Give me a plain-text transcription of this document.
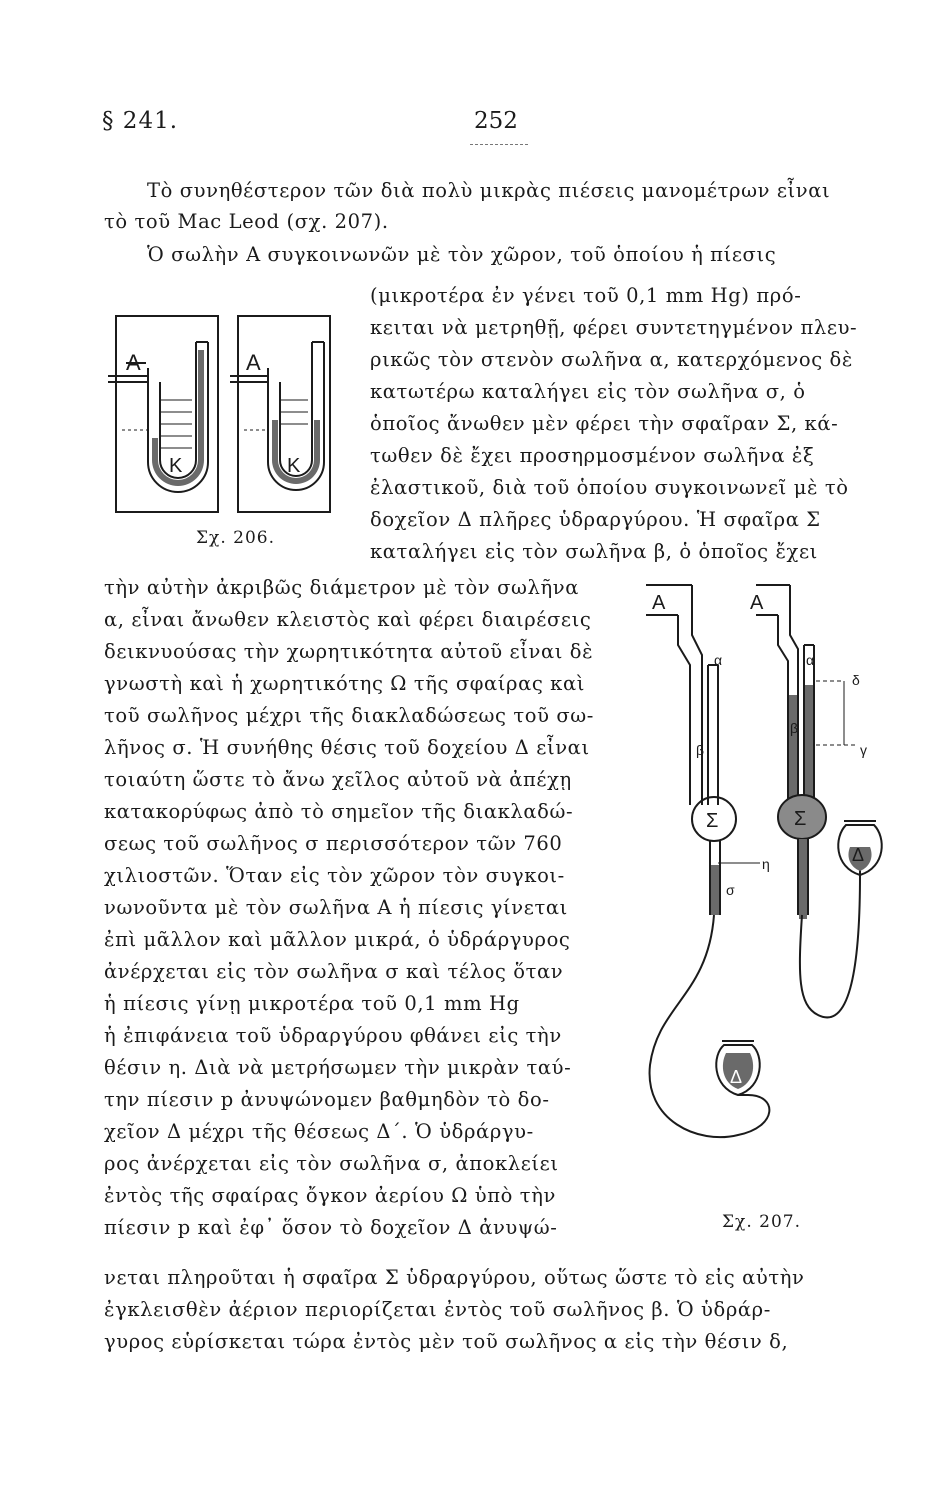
§ 241.	252
Τὸ συνηθέστερον τῶν διὰ πολὺ μικρὰς πιέσεις μανομέτρων εἶναι
τὸ τοῦ Mac Leod (σχ. 207).
Ὁ σωλὴν Α συγκοινωνῶν μὲ τὸν χῶρον, τοῦ ὁποίου ἡ πίεσις
(μικροτέρα ἐν γένει τοῦ 0,1 mm Hg) πρό-
κειται νὰ μετρηθῇ, φέρει συντετηγμένον πλευ-
ρικῶς τὸν στενὸν σωλῆνα α, κατερχόμενος δὲ
κατωτέρω καταλήγει εἰς τὸν σωλῆνα σ, ὁ
ὁποῖος ἄνωθεν μὲν φέρει τὴν σφαῖραν Σ, κά-
τωθεν δὲ ἔχει προσηρμοσμένον σωλῆνα ἐξ
ἐλαστικοῦ, διὰ τοῦ ὁποίου συγκοινωνεῖ μὲ τὸ
δοχεῖον Δ πλῆρες ὑδραργύρου. Ἡ σφαῖρα Σ
καταλήγει εἰς τὸν σωλῆνα β, ὁ ὁποῖος ἔχει
A
K
A
K
Σχ. 206.
τὴν αὐτὴν ἀκριβῶς διάμετρον μὲ τὸν σωλῆνα
α, εἶναι ἄνωθεν κλειστὸς καὶ φέρει διαιρέσεις
δεικνυούσας τὴν χωρητικότητα αὐτοῦ εἶναι δὲ
γνωστὴ καὶ ἡ χωρητικότης Ω τῆς σφαίρας καὶ
τοῦ σωλῆνος μέχρι τῆς διακλαδώσεως τοῦ σω-
λῆνος σ. Ἡ συνήθης θέσις τοῦ δοχείου Δ εἶναι
τοιαύτη ὥστε τὸ ἄνω χεῖλος αὐτοῦ νὰ ἀπέχῃ
κατακορύφως ἀπὸ τὸ σημεῖον τῆς διακλαδώ-
σεως τοῦ σωλῆνος σ περισσότερον τῶν 760
χιλιοστῶν. Ὅταν εἰς τὸν χῶρον τὸν συγκοι-
νωνοῦντα μὲ τὸν σωλῆνα Α ἡ πίεσις γίνεται
ἐπὶ μᾶλλον καὶ μᾶλλον μικρά, ὁ ὑδράργυρος
ἀνέρχεται εἰς τὸν σωλῆνα σ καὶ τέλος ὅταν
ἡ πίεσις γίνῃ μικροτέρα τοῦ 0,1 mm Hg
ἡ ἐπιφάνεια τοῦ ὑδραργύρου φθάνει εἰς τὴν
θέσιν η. Διὰ νὰ μετρήσωμεν τὴν μικρὰν ταύ-
την πίεσιν p ἀνυψώνομεν βαθμηδὸν τὸ δο-
χεῖον Δ μέχρι τῆς θέσεως Δ΄. Ὁ ὑδράργυ-
ρος ἀνέρχεται εἰς τὸν σωλῆνα σ, ἀποκλείει
ἐντὸς τῆς σφαίρας ὄγκον ἀερίου Ω ὑπὸ τὴν
πίεσιν p καὶ ἐφ᾽ ὅσον τὸ δοχεῖον Δ ἀνυψώ-
A	A
α	α
β
β
Σ	Σ
σ
η
δ
γ
Δ
Δ
Σχ. 207.
νεται πληροῦται ἡ σφαῖρα Σ ὑδραργύρου, οὕτως ὥστε τὸ εἰς αὐτὴν
ἐγκλεισθὲν ἀέριον περιορίζεται ἐντὸς τοῦ σωλῆνος β. Ὁ ὑδράρ-
γυρος εὑρίσκεται τώρα ἐντὸς μὲν τοῦ σωλῆνος α εἰς τὴν θέσιν δ,
